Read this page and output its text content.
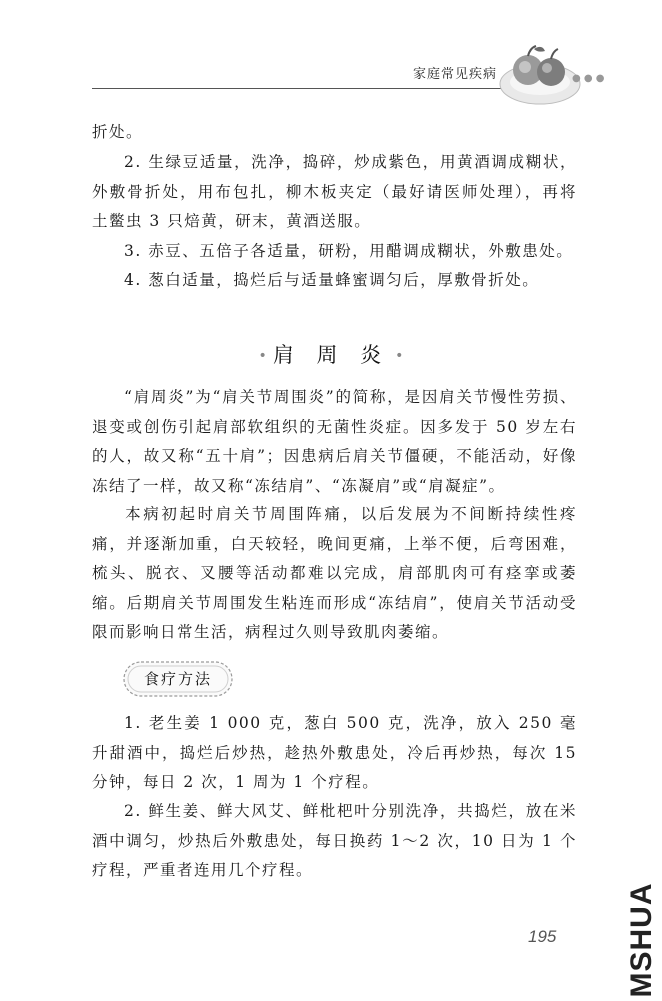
家庭常见疾病	● ● ●

折处。

2. 生绿豆适量，洗净，捣碎，炒成紫色，用黄酒调成糊状，外敷骨折处，用布包扎，柳木板夹定（最好请医师处理），再将土鳖虫 3 只焙黄，研末，黄酒送服。

3. 赤豆、五倍子各适量，研粉，用醋调成糊状，外敷患处。

4. 葱白适量，捣烂后与适量蜂蜜调匀后，厚敷骨折处。

• 肩 周 炎 •

“肩周炎”为“肩关节周围炎”的简称，是因肩关节慢性劳损、退变或创伤引起肩部软组织的无菌性炎症。因多发于 50 岁左右的人，故又称“五十肩”；因患病后肩关节僵硬，不能活动，好像冻结了一样，故又称“冻结肩”、“冻凝肩”或“肩凝症”。

本病初起时肩关节周围阵痛，以后发展为不间断持续性疼痛，并逐渐加重，白天较轻，晚间更痛，上举不便，后弯困难，梳头、脱衣、叉腰等活动都难以完成，肩部肌肉可有痉挛或萎缩。后期肩关节周围发生粘连而形成“冻结肩”，使肩关节活动受限而影响日常生活，病程过久则导致肌肉萎缩。

食疗方法

1. 老生姜 1 000 克，葱白 500 克，洗净，放入 250 毫升甜酒中，捣烂后炒热，趁热外敷患处，冷后再炒热，每次 15 分钟，每日 2 次，1 周为 1 个疗程。

2. 鲜生姜、鲜大风艾、鲜枇杷叶分别洗净，共捣烂，放在米酒中调匀，炒热后外敷患处，每日换药 1～2 次，10 日为 1 个疗程，严重者连用几个疗程。

195 MSHUA
